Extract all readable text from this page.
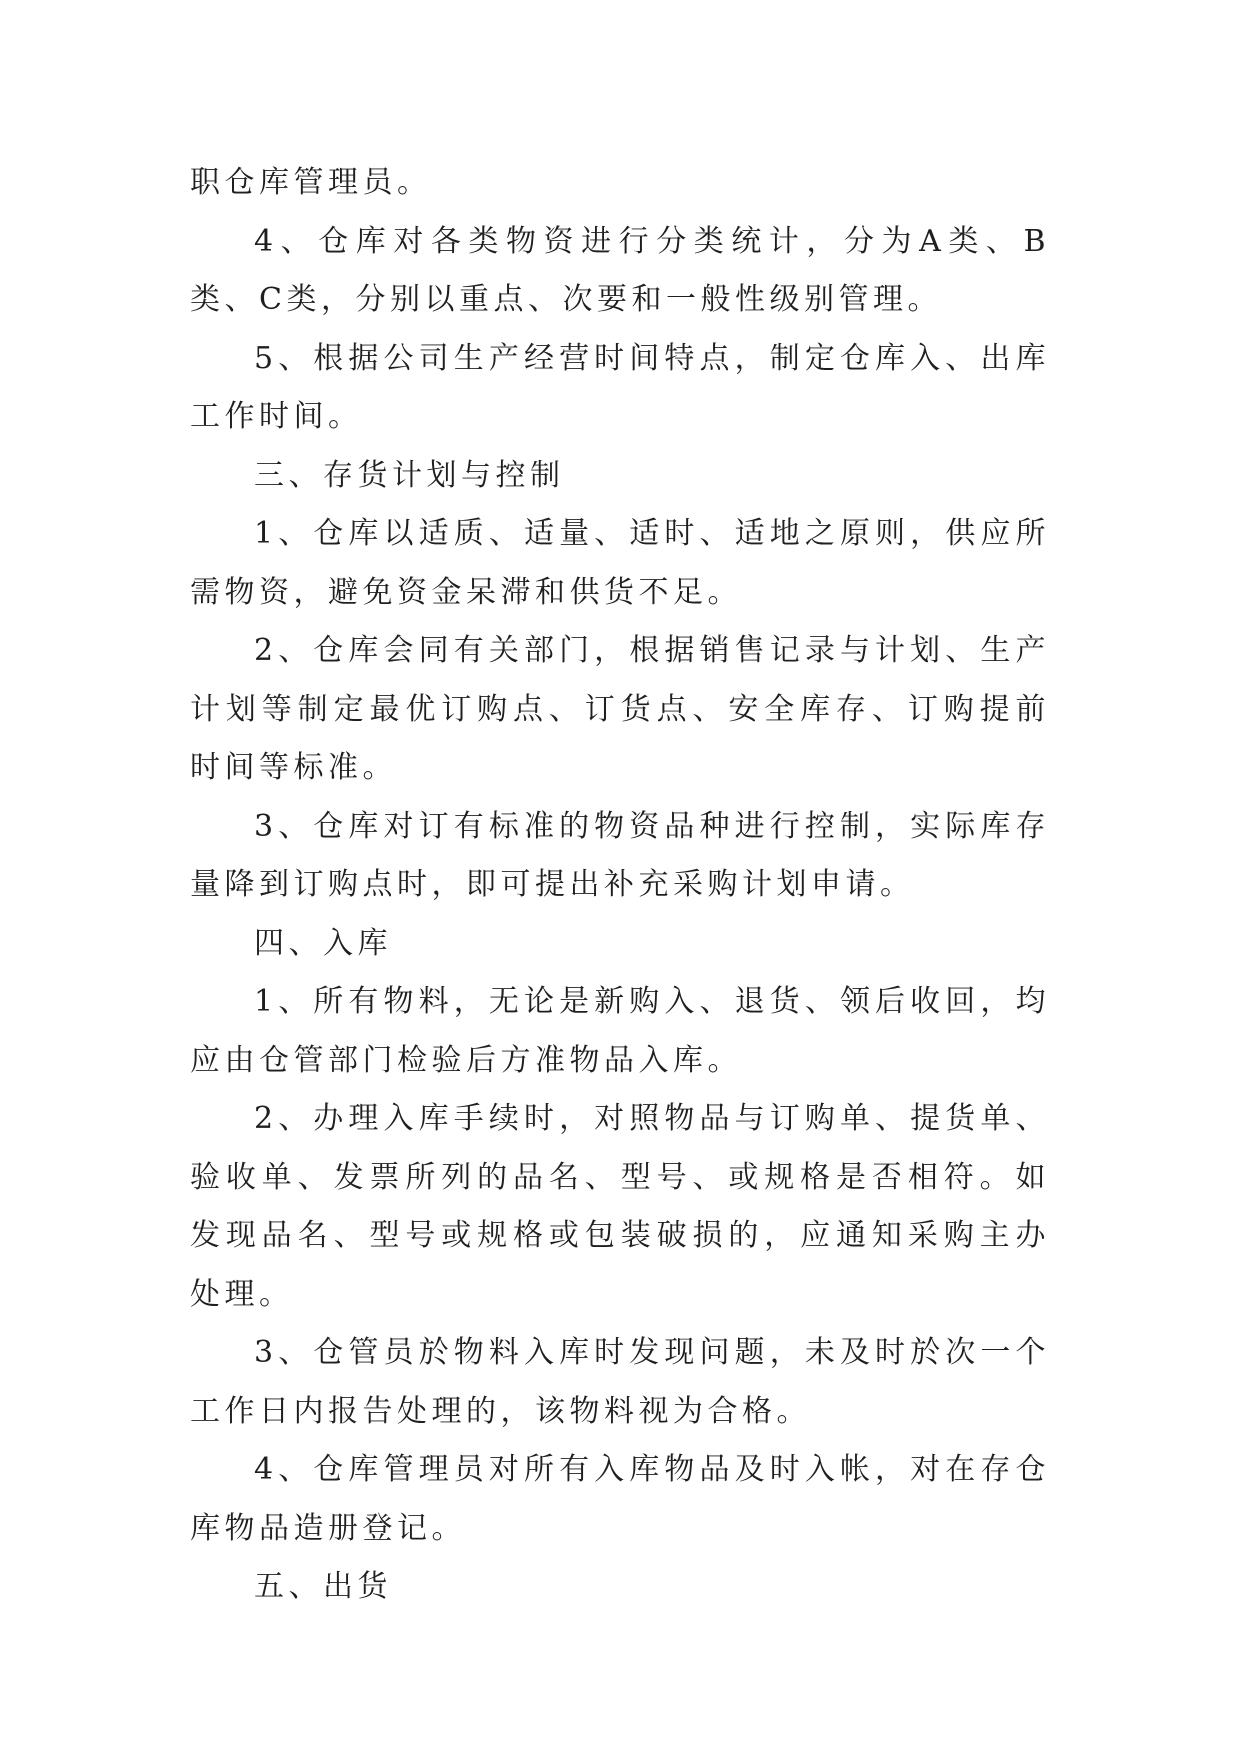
职仓库管理员。

4、仓库对各类物资进行分类统计，分为A类、B类、C类，分别以重点、次要和一般性级别管理。

5、根据公司生产经营时间特点，制定仓库入、出库工作时间。

三、存货计划与控制

1、仓库以适质、适量、适时、适地之原则，供应所需物资，避免资金呆滞和供货不足。

2、仓库会同有关部门，根据销售记录与计划、生产计划等制定最优订购点、订货点、安全库存、订购提前时间等标准。

3、仓库对订有标准的物资品种进行控制，实际库存量降到订购点时，即可提出补充采购计划申请。

四、入库

1、所有物料，无论是新购入、退货、领后收回，均应由仓管部门检验后方准物品入库。

2、办理入库手续时，对照物品与订购单、提货单、验收单、发票所列的品名、型号、或规格是否相符。如发现品名、型号或规格或包装破损的，应通知采购主办处理。

3、仓管员於物料入库时发现问题，未及时於次一个工作日内报告处理的，该物料视为合格。

4、仓库管理员对所有入库物品及时入帐，对在存仓库物品造册登记。

五、出货
